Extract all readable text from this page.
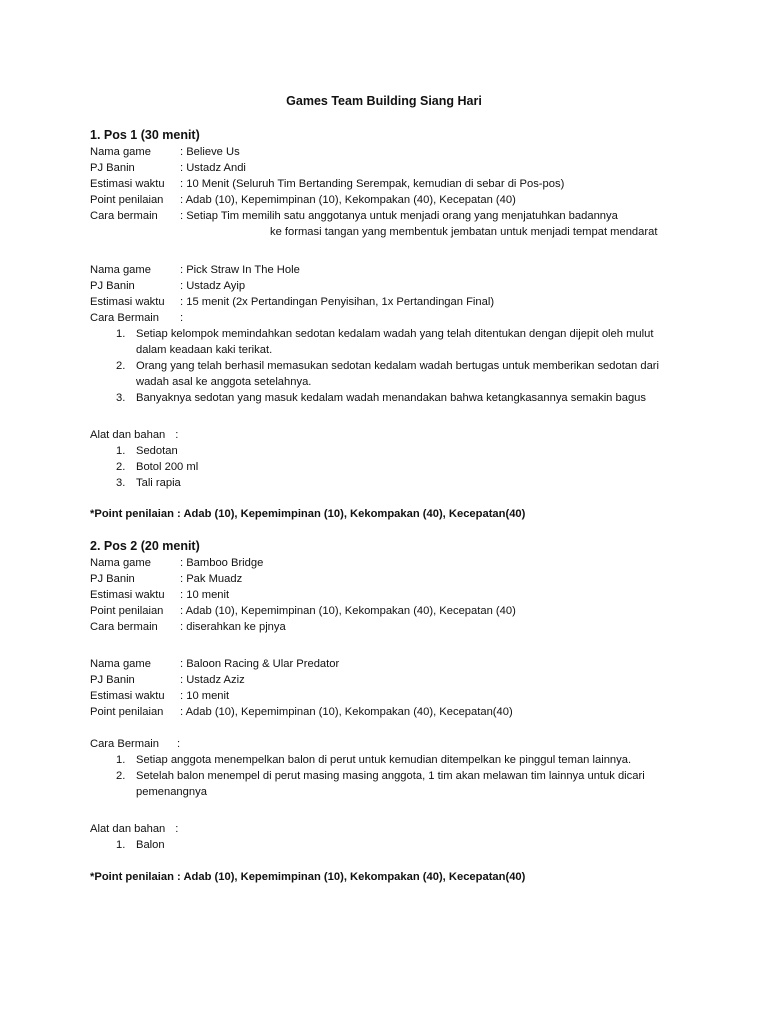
Games Team Building Siang Hari
1. Pos 1 (30 menit)
Nama game	: Believe Us
PJ Banin	: Ustadz Andi
Estimasi waktu	: 10 Menit (Seluruh Tim Bertanding Serempak, kemudian di sebar di Pos-pos)
Point penilaian	: Adab (10), Kepemimpinan (10), Kekompakan (40), Kecepatan (40)
Cara bermain	: Setiap Tim memilih satu anggotanya untuk menjadi orang yang menjatuhkan badannya
ke formasi tangan yang membentuk jembatan untuk menjadi tempat mendarat
Nama game	: Pick Straw In The Hole
PJ Banin	: Ustadz Ayip
Estimasi waktu	: 15 menit (2x Pertandingan Penyisihan, 1x Pertandingan Final)
Cara Bermain	:
1. Setiap kelompok memindahkan sedotan kedalam wadah yang telah ditentukan dengan dijepit oleh mulut dalam keadaan kaki terikat.
2. Orang yang telah berhasil memasukan sedotan kedalam wadah bertugas untuk memberikan sedotan dari wadah asal ke anggota setelahnya.
3. Banyaknya sedotan yang masuk kedalam wadah menandakan bahwa ketangkasannya semakin bagus
Alat dan bahan :
1. Sedotan
2. Botol 200 ml
3. Tali rapia
*Point penilaian : Adab (10), Kepemimpinan (10), Kekompakan (40), Kecepatan(40)
2. Pos 2 (20 menit)
Nama game	: Bamboo Bridge
PJ Banin	: Pak Muadz
Estimasi waktu	: 10 menit
Point penilaian	: Adab (10), Kepemimpinan (10), Kekompakan (40), Kecepatan (40)
Cara bermain	: diserahkan ke pjnya
Nama game	: Baloon Racing & Ular Predator
PJ Banin	: Ustadz Aziz
Estimasi waktu	: 10 menit
Point penilaian	: Adab (10), Kepemimpinan (10), Kekompakan (40), Kecepatan(40)
Cara Bermain :
1. Setiap anggota menempelkan balon di perut untuk kemudian ditempelkan ke pinggul teman lainnya.
2. Setelah balon menempel di perut masing masing anggota, 1 tim akan melawan tim lainnya untuk dicari pemenangnya
Alat dan bahan :
1. Balon
*Point penilaian : Adab (10), Kepemimpinan (10), Kekompakan (40), Kecepatan(40)
